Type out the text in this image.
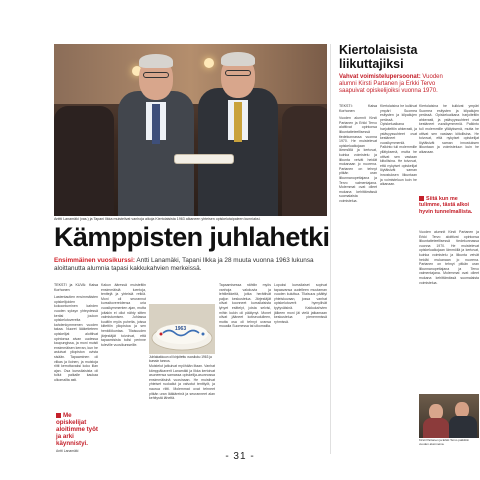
Anttti Lanamäki (vas.) ja Tapani Ilkka muistelivat vanhoja aikoja Kiertolaisista 1963 alkaneen yhteisen opiskelutaipaleen kunniaksi.
Kämppisten juhlahetki
Ensimmäinen vuosikurssi: Antti Lanamäki, Tapani Ilkka ja 28 muuta vuonna 1963 lukunsa aloittanutta alumnia tapasi kakkukahvien merkeissä.
TEKSTI ja KUVA: Kaisa Korhonen

Lastentautien ensimmäisten opiskelijoiden kokoontuminen kahden vuoden syksyn yhteydessä keräsi joukon opiskelutovereita kahdenkymmenen vuoden takaa. Nuoret lääketieteen opiskelijat aloittivat opintonsa aivan uudessa kaupungissa, ja moni muisti ensimmäisen kerran, kun he astuivat yliopiston ovista sisään. Tapaaminen oli vilkas ja iloinen, ja muistoja riitti kerrottavaksi koko illan ajan. Osa kurssilaisista oli tullut paikalle kaukaa ulkomailta asti.

Me opiskelijat aloitimme työt ja arki käynnistyi.
Antti Lanamäki

Kakun ääressä muisteltiin ensimmäisiä luentoja, tenttejä ja yhteisiä retkiä. Moni oli seurannut kurssitovereidensa uria vuosikymmenten ajan, mutta joitakin ei ollut nähty sitten valmistumisen. Juhlassa kuultiin myös puheita, joissa kiitettiin yliopistoa ja sen henkilökuntaa. Tilaisuuden järjestäjät toivoivat, että tapaamisista tulisi perinne tuleville vuosikursseille.

1963
Juhlakakkuun oli kirjoitettu vuosiluku 1963 ja kurssin tunnus.

Muistelut jatkuivat myöhään iltaan. Vanhat kämppäkaverit Lanamäki ja Ilkka kertoivat asuneensa samassa opiskelija-asunnossa ensimmäisinä vuosinaan. He muistivat yhteiset ruokailut ja valvotut tenttiyöt, ja naurua riitti. Molemmat ovat tehneet pitkän uran lääkäreinä ja seuranneet alan kehitystä läheltä.

Tapaamisessa nähtiin myös vanhoja valokuvia ja lehtileikkeitä, jotka herättivät paljon keskustelua. Järjestäjät olivat koonneet kurssilaisista lyhyet esittelyt, joista selvisi, mihin kukin oli päätynyt. Monet olivat jääneet kotiseudulleen, mutta osa oli tehnyt uransa muualla Suomessa tai ulkomailla.

Lopuksi kurssilaiset sopivat tapaavansa uudelleen muutaman vuoden kuluttua. Tilaisuus päättyi yhteiskuvaan, jossa vanhat opiskelutoverit hymyilivät tyytyväisinä. Kakkukahvien jälkeen moni jäi vielä jatkamaan keskustelua pienemmissä ryhmissä.

Kiertolaisista liikuttajiksi
Vahvat voimistelupersoonat: Vuoden alumni Kirsti Partanen ja Erkki Tervo saapuivat opiskelijoiksi vuonna 1970.
TEKSTI: Kaisa Korhonen

Vuoden alumnit Kirsti Partanen ja Erkki Tervo aloittivat opintonsa liikuntatieteellisessä tiedekunnassa vuonna 1970. He muistelevat opiskeluaikojaan lämmöllä ja kertovat, kuinka voimistelu ja liikunta veivät heidät mukanaan jo nuorena. Partanen on tehnyt pitkän uran liikunnanopettajana ja Tervo valmentajana. Molemmat ovat olleet mukana kehittämässä suomalaista voimistelua.

Kiertolaisina he kulkivat ympäri Suomea esitysten ja kilpailujen perässä. Opiskeluaikana harjoiteltiin ahkerasti, ja ystävyyssuhteet ovat kestäneet vuosikymmeniä. Palkinto tuli molemmille yllätyksenä, mutta he ottivat sen vastaan kiitollisina. He toivovat, että nykyiset opiskelijat löytäisivät saman innostuksen liikuntaan ja voimisteluun kuin he aikanaan.

Kiertolaisina he kulkivat ympäri Suomea esitysten ja kilpailujen perässä. Opiskeluaikana harjoiteltiin ahkerasti, ja ystävyyssuhteet ovat kestäneet vuosikymmeniä. Palkinto tuli molemmille yllätyksenä, mutta he ottivat sen vastaan kiitollisina. He toivovat, että nykyiset opiskelijat löytäisivät saman innostuksen liikuntaan ja voimisteluun kuin he aikanaan.

Siitä kun me tulimme, tästä alkoi hyvin tunnelmallista.

Vuoden alumnit Kirsti Partanen ja Erkki Tervo aloittivat opintonsa liikuntatieteellisessä tiedekunnassa vuonna 1970. He muistelevat opiskeluaikojaan lämmöllä ja kertovat, kuinka voimistelu ja liikunta veivät heidät mukanaan jo nuorena. Partanen on tehnyt pitkän uran liikunnanopettajana ja Tervo valmentajana. Molemmat ovat olleet mukana kehittämässä suomalaista voimistelua.

Kirsti Partanen ja Erkki Tervo palkittiin vuoden alumneina.
- 31 -
